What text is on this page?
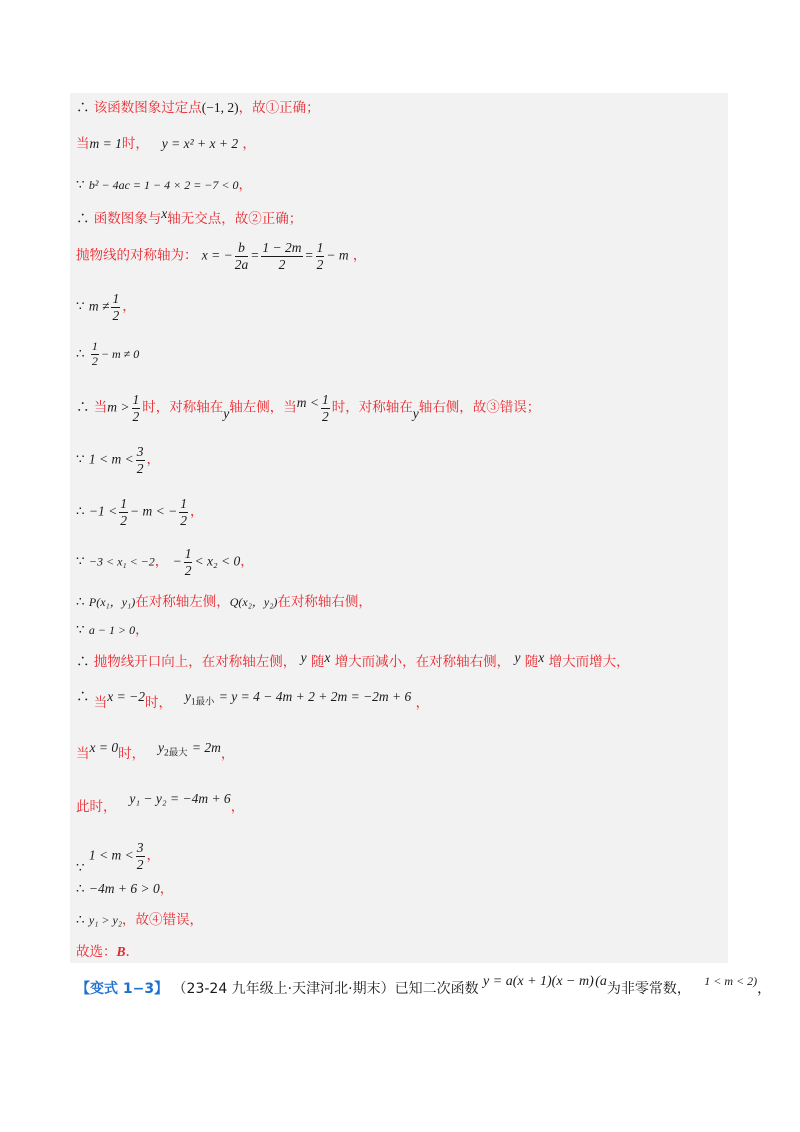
∴ 该函数图象过定点(−1, 2)，故①正确；
当m = 1时， y = x² + x + 2 ，
∵ b² − 4ac = 1 − 4 × 2 = −7 < 0，
∴ 函数图象与x轴无交点，故②正确；
抛物线的对称轴为： x = − $\frac{b}{2a} = \frac{1 - 2m}{2} = \frac{1}{2} - m$ ，
∵ $m \ne \frac{1}{2}$ ，
∴ $\frac{1}{2} - m \ne 0$
∴ 当$m > \frac{1}{2}$ 时，对称轴在y轴左侧，当$m < \frac{1}{2}$ 时，对称轴在y轴右侧，故③错误；
∵ $1 < m < \frac{3}{2}$ ，
∴ $-1 < \frac{1}{2} - m$ < − $\frac{1}{2}$ ，
∵ −3 < x₁ < −2， − $\frac{1}{2} < x_2 < 0$，
∴ P(x₁，y₁)在对称轴左侧，Q(x₂，y₂)在对称轴右侧，
∵ a − 1 > 0，
∴ 抛物线开口向上，在对称轴左侧， y 随x 增大而减小，在对称轴右侧， y 随x 增大而增大，
∴ 当x = −2时， $y_{1最小} = y = 4 - 4m + 2 + 2m = -2m + 6$ ，
当x = 0时， $y_{2最大} = 2m$，
此时，   y₁ − y₂ = −4m + 6，
∵ $1 < m < \frac{3}{2}$ ，
∴ −4m + 6 > 0，
∴ y₁ > y₂，故④错误，
故选：B.
【变式 1−3】 （23-24 九年级上·天津河北·期末）已知二次函数 y = a(x + 1)(x − m) (a为非零常数， 1 < m < 2)，
